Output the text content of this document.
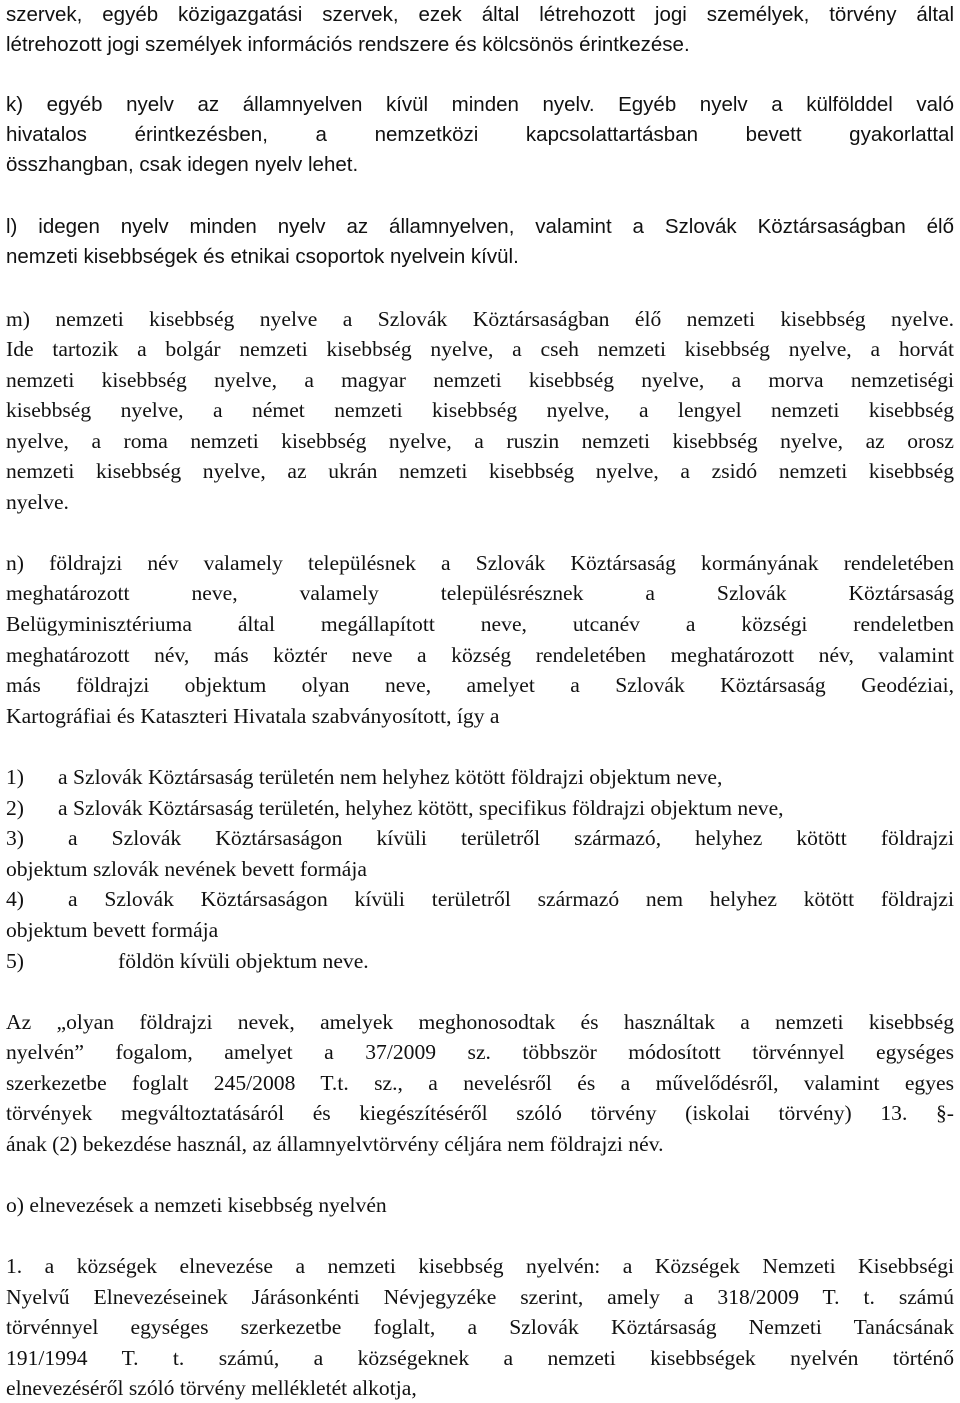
szervek, egyéb közigazgatási szervek, ezek által létrehozott jogi személyek, törvény által
létrehozott jogi személyek információs rendszere és kölcsönös érintkezése.
k) egyéb nyelv az államnyelven kívül minden nyelv. Egyéb nyelv a külfölddel való
hivatalos érintkezésben, a nemzetközi kapcsolattartásban bevett gyakorlattal
összhangban, csak idegen nyelv lehet.
l) idegen nyelv minden nyelv az államnyelven, valamint a Szlovák Köztársaságban élő
nemzeti kisebbségek és etnikai csoportok nyelvein kívül.
m) nemzeti kisebbség nyelve a Szlovák Köztársaságban élő nemzeti kisebbség nyelve.
Ide tartozik a bolgár nemzeti kisebbség nyelve, a cseh nemzeti kisebbség nyelve, a horvát
nemzeti kisebbség nyelve, a magyar nemzeti kisebbség nyelve, a morva nemzetiségi
kisebbség nyelve, a német nemzeti kisebbség nyelve, a lengyel nemzeti kisebbség
nyelve, a roma nemzeti kisebbség nyelve, a ruszin nemzeti kisebbség nyelve, az orosz
nemzeti kisebbség nyelve, az ukrán nemzeti kisebbség nyelve, a zsidó nemzeti kisebbség
nyelve.
n) földrajzi név valamely településnek a Szlovák Köztársaság kormányának rendeletében
meghatározott neve, valamely településrésznek a Szlovák Köztársaság
Belügyminisztériuma által megállapított neve, utcanév a községi rendeletben
meghatározott név, más köztér neve a község rendeletében meghatározott név, valamint
más földrajzi objektum olyan neve, amelyet a Szlovák Köztársaság Geodéziai,
Kartográfiai és Kataszteri Hivatala szabványosított, így a
1) a Szlovák Köztársaság területén nem helyhez kötött földrajzi objektum neve,
2) a Szlovák Köztársaság területén, helyhez kötött, specifikus földrajzi objektum neve,
3)	a Szlovák Köztársaságon kívüli területről származó, helyhez kötött földrajzi
objektum szlovák nevének bevett formája
4)	a Szlovák Köztársaságon kívüli területről származó nem helyhez kötött földrajzi
objektum bevett formája
5)	földön kívüli objektum neve.
Az „olyan földrajzi nevek, amelyek meghonosodtak és használtak a nemzeti kisebbség
nyelvén” fogalom, amelyet a 37/2009 sz. többször módosított törvénnyel egységes
szerkezetbe foglalt 245/2008 T.t. sz., a nevelésről és a művelődésről, valamint egyes
törvények megváltoztatásáról és kiegészítéséről szóló törvény (iskolai törvény) 13. §-
ának (2) bekezdése használ, az államnyelvtörvény céljára nem földrajzi név.
o) elnevezések a nemzeti kisebbség nyelvén
1. a községek elnevezése a nemzeti kisebbség nyelvén: a Községek Nemzeti Kisebbségi
Nyelvű Elnevezéseinek Járásonkénti Névjegyzéke szerint, amely a 318/2009 T. t. számú
törvénnyel egységes szerkezetbe foglalt, a Szlovák Köztársaság Nemzeti Tanácsának
191/1994 T. t. számú, a községeknek a nemzeti kisebbségek nyelvén történő
elnevezéséről szóló törvény mellékletét alkotja,
